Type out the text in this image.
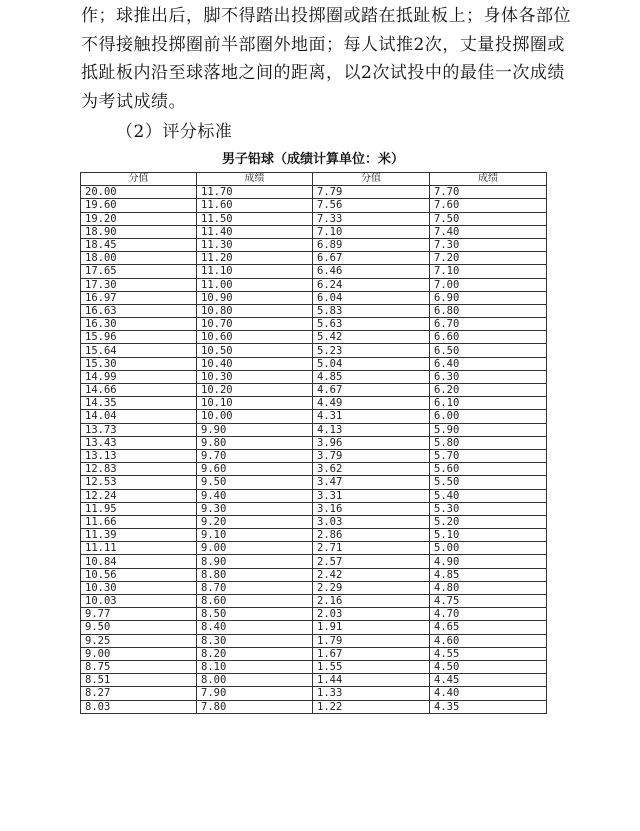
作；球推出后，脚不得踏出投掷圈或踏在抵趾板上；身体各部位
不得接触投掷圈前半部圈外地面；每人试推2次，丈量投掷圈或
抵趾板内沿至球落地之间的距离，以2次试投中的最佳一次成绩
为考试成绩。
（2）评分标准
男子铅球（成绩计算单位：米）
分值	成绩	分值	成绩
20.00	11.70	7.79	7.70
19.60	11.60	7.56	7.60
19.20	11.50	7.33	7.50
18.90	11.40	7.10	7.40
18.45	11.30	6.89	7.30
18.00	11.20	6.67	7.20
17.65	11.10	6.46	7.10
17.30	11.00	6.24	7.00
16.97	10.90	6.04	6.90
16.63	10.80	5.83	6.80
16.30	10.70	5.63	6.70
15.96	10.60	5.42	6.60
15.64	10.50	5.23	6.50
15.30	10.40	5.04	6.40
14.99	10.30	4.85	6.30
14.66	10.20	4.67	6.20
14.35	10.10	4.49	6.10
14.04	10.00	4.31	6.00
13.73	9.90	4.13	5.90
13.43	9.80	3.96	5.80
13.13	9.70	3.79	5.70
12.83	9.60	3.62	5.60
12.53	9.50	3.47	5.50
12.24	9.40	3.31	5.40
11.95	9.30	3.16	5.30
11.66	9.20	3.03	5.20
11.39	9.10	2.86	5.10
11.11	9.00	2.71	5.00
10.84	8.90	2.57	4.90
10.56	8.80	2.42	4.85
10.30	8.70	2.29	4.80
10.03	8.60	2.16	4.75
9.77	8.50	2.03	4.70
9.50	8.40	1.91	4.65
9.25	8.30	1.79	4.60
9.00	8.20	1.67	4.55
8.75	8.10	1.55	4.50
8.51	8.00	1.44	4.45
8.27	7.90	1.33	4.40
8.03	7.80	1.22	4.35
